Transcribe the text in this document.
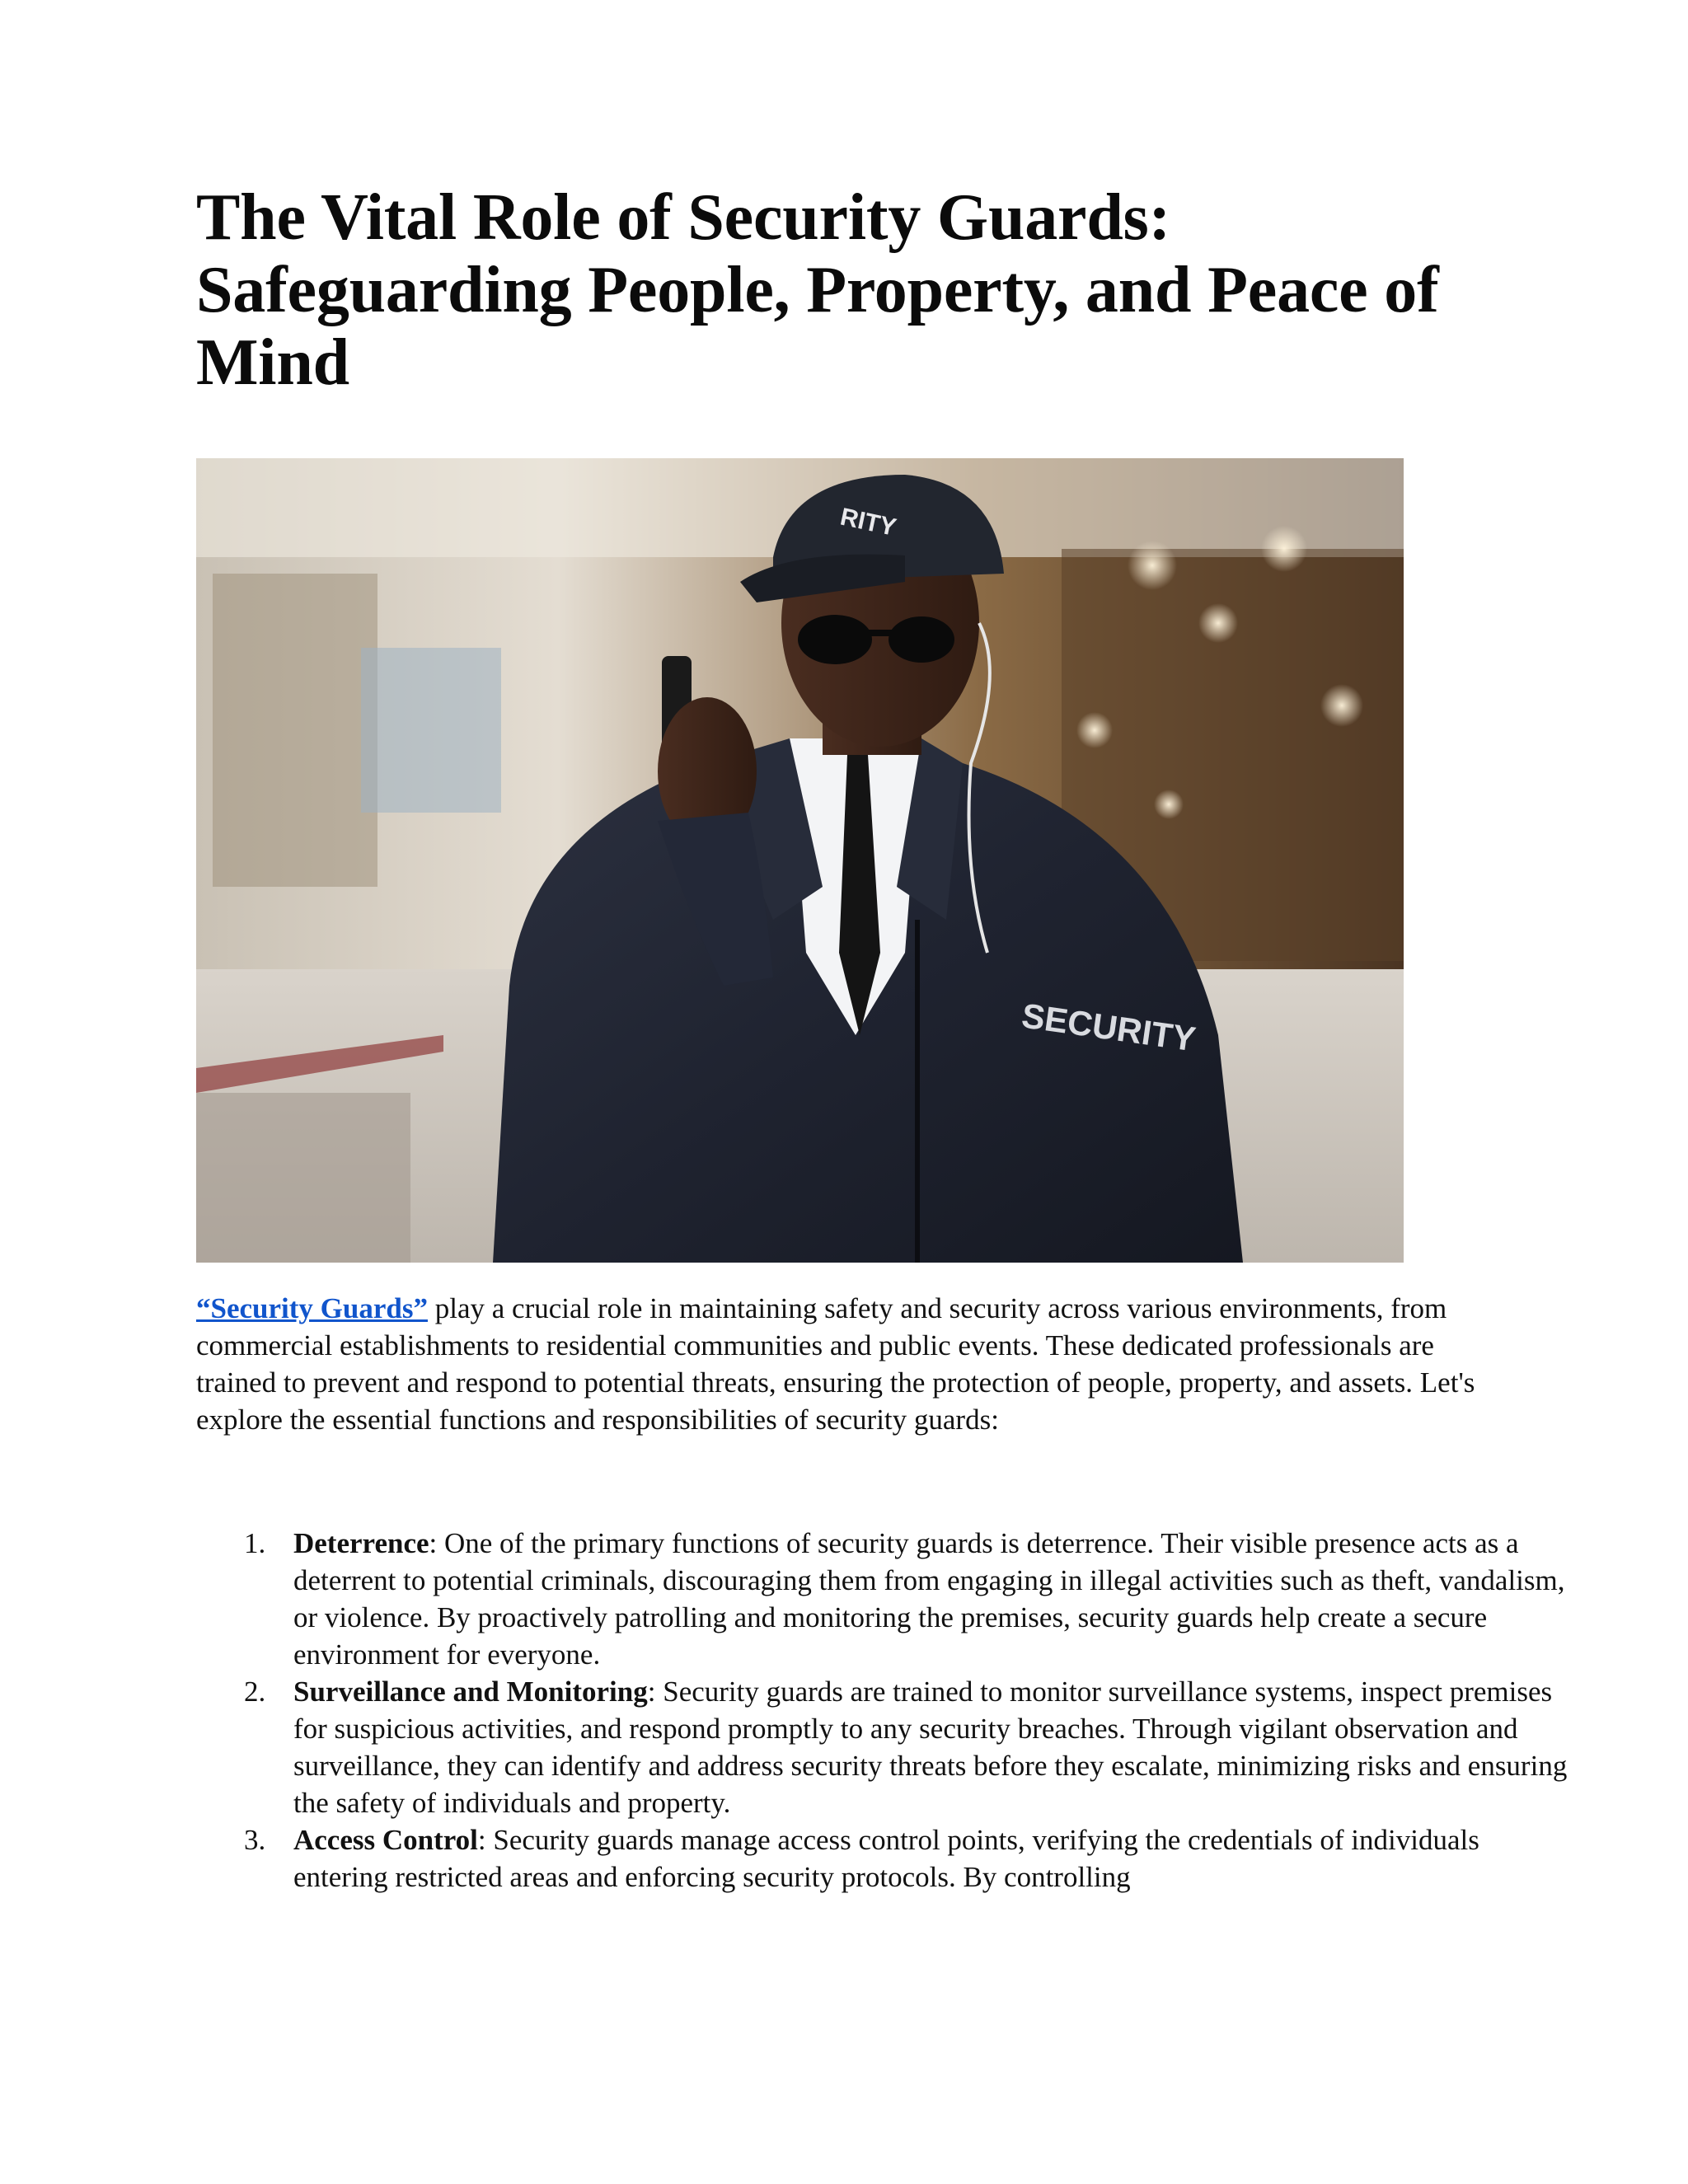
The Vital Role of Security Guards: Safeguarding People, Property, and Peace of Mind
RITY
SECURITY

“Security Guards” play a crucial role in maintaining safety and security across various environments, from commercial establishments to residential communities and public events. These dedicated professionals are trained to prevent and respond to potential threats, ensuring the protection of people, property, and assets. Let's explore the essential functions and responsibilities of security guards:

1. Deterrence: One of the primary functions of security guards is deterrence. Their visible presence acts as a deterrent to potential criminals, discouraging them from engaging in illegal activities such as theft, vandalism, or violence. By proactively patrolling and monitoring the premises, security guards help create a secure environment for everyone.
2. Surveillance and Monitoring: Security guards are trained to monitor surveillance systems, inspect premises for suspicious activities, and respond promptly to any security breaches. Through vigilant observation and surveillance, they can identify and address security threats before they escalate, minimizing risks and ensuring the safety of individuals and property.
3. Access Control: Security guards manage access control points, verifying the credentials of individuals entering restricted areas and enforcing security protocols. By controlling
